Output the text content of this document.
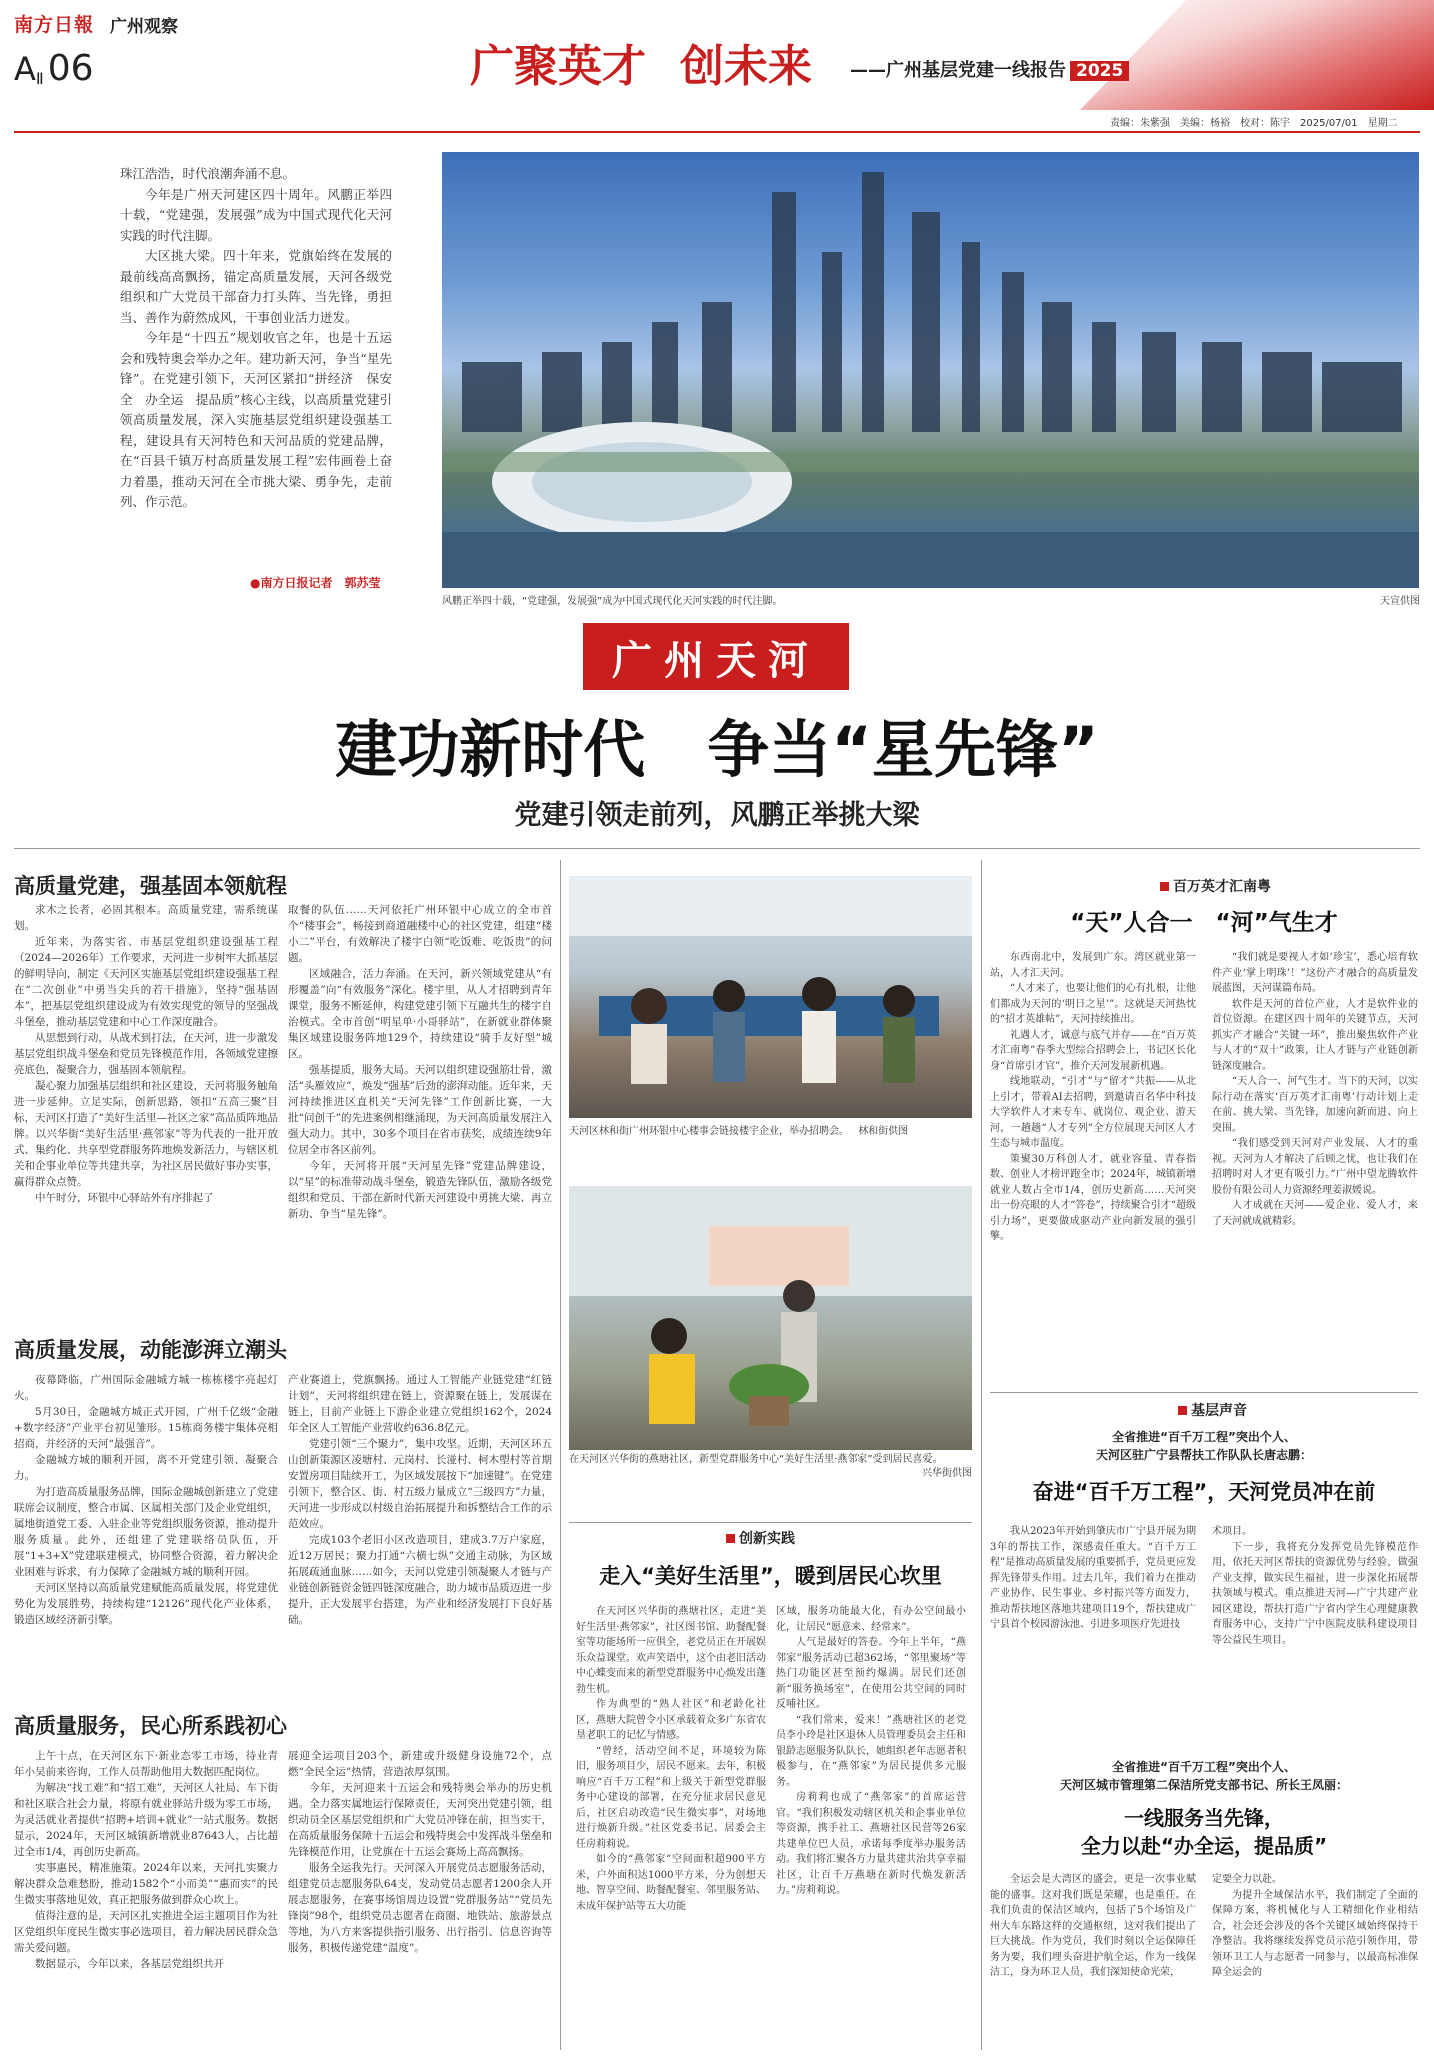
南方日報 广州观察
AⅡ 06	广聚英才 创未来 ——广州基层党建一线报告 2025
责编：朱紫强　美编：杨裕　校对：陈宇　2025/07/01　星期二

珠江浩浩，时代浪潮奔涌不息。

今年是广州天河建区四十周年。风鹏正举四十载，“党建强，发展强”成为中国式现代化天河实践的时代注脚。

大区挑大梁。四十年来，党旗始终在发展的最前线高高飘扬，锚定高质量发展，天河各级党组织和广大党员干部奋力打头阵、当先锋，勇担当、善作为蔚然成风，干事创业活力迸发。

今年是“十四五”规划收官之年，也是十五运会和残特奥会举办之年。建功新天河，争当“星先锋”。在党建引领下，天河区紧扣“拼经济　保安全　办全运　提品质”核心主线，以高质量党建引领高质量发展，深入实施基层党组织建设强基工程，建设具有天河特色和天河品质的党建品牌，在“百县千镇万村高质量发展工程”宏伟画卷上奋力着墨，推动天河在全市挑大梁、勇争先，走前列、作示范。

●南方日报记者　郭苏莹
风鹏正举四十载，“党建强，发展强”成为中国式现代化天河实践的时代注脚。	天宣供图
广州天河
建功新时代　争当“星先锋”
党建引领走前列，风鹏正举挑大梁
高质量党建，强基固本领航程

求木之长者，必固其根本。高质量党建，需系统谋划。

近年来，为落实省、市基层党组织建设强基工程（2024—2026年）工作要求，天河进一步树牢大抓基层的鲜明导向，制定《天河区实施基层党组织建设强基工程在“二次创业”中勇当尖兵的若干措施》，坚持“强基固本”，把基层党组织建设成为有效实现党的领导的坚强战斗堡垒，推动基层党建和中心工作深度融合。

从思想到行动，从战术到打法，在天河，进一步激发基层党组织战斗堡垒和党员先锋模范作用，各领域党建擦亮底色，凝聚合力，强基固本领航程。

凝心聚力加强基层组织和社区建设，天河将服务触角进一步延伸。立足实际，创新思路，领扣“五高三聚”目标，天河区打造了“美好生活里—社区之家”高品质阵地品牌。以兴华街“美好生活里·燕邻家”等为代表的一批开放式、集约化、共享型党群服务阵地焕发新活力，与辖区机关和企事业单位等共建共享，为社区居民做好事办实事，赢得群众点赞。

中午时分，环银中心驿站外有序排起了

取餐的队伍……天河依托广州环银中心成立的全市首个“楼事会”，畅接到商道融楼中心的社区党建，组建“楼小二”平台，有效解决了楼宇白领“吃饭难、吃饭贵”的问题。

区域融合，活力奔涌。在天河，新兴领域党建从“有形覆盖”向“有效服务”深化。楼宇里，从人才招聘到青年课堂，服务不断延伸，构建党建引领下互融共生的楼宇自治模式。全市首创“明星单·小哥驿站”，在新就业群体聚集区域建设服务阵地129个，持续建设“骑手友好型”城区。

强基提质，服务大局。天河以组织建设强筋壮骨，激活“头雁效应”，焕发“强基”后劲的澎湃动能。近年来，天河持续推进区直机关“天河先锋”工作创新比赛，一大批“问创千”的先进案例相继涌现，为天河高质量发展注入强大动力。其中，30多个项目在省市获奖，成绩连续9年位居全市各区前列。

今年，天河将开展“天河星先锋”党建品牌建设，以“星”的标准带动战斗堡垒，锻造先锋队伍，激励各级党组织和党员、干部在新时代新天河建设中勇挑大梁、再立新功、争当“星先锋”。

高质量发展，动能澎湃立潮头

夜幕降临，广州国际金融城方城一栋栋楼宇亮起灯火。

5月30日，金融城方城正式开园，广州千亿级“金融+数字经济”产业平台初见雏形。15栋商务楼宇集体亮相招商，并经济的天河“最强音”。

金融城方城的顺利开园，离不开党建引领、凝聚合力。

为打造高质量服务品牌，国际金融城创新建立了党建联席会议制度，整合市属、区属相关部门及企业党组织，属地街道党工委、入驻企业等党组织服务资源，推动提升服务质量。此外，还组建了党建联络员队伍，开展“1+3+X”党建联建模式，协同整合资源，着力解决企业困难与诉求，有力保障了金融城方城的顺利开园。

天河区坚持以高质量党建赋能高质量发展，将党建优势化为发展胜势，持续构建“12126”现代化产业体系，锻造区域经济新引擎。

产业赛道上，党旗飘扬。通过人工智能产业链党建“红链计划”，天河将组织建在链上，资源聚在链上，发展谋在链上，目前产业链上下游企业建立党组织162个，2024年全区人工智能产业营收约636.8亿元。

党建引领“三个聚力”，集中攻坚。近期，天河区环五山创新策源区凌塘村、元岗村、长湴村、柯木塱村等首期安置房项目陆续开工，为区域发展按下“加速键”。在党建引领下，整合区、街、村五级力量成立“三级四方”力量，天河进一步形成以村级自治拓展提升和拆整结合工作的示范效应。

完成103个老旧小区改造项目，建成3.7万户家庭，近12万居民；聚力打通“六横七纵”交通主动脉，为区域拓展疏通血脉……如今，天河以党建引领凝聚人才链与产业链创新链资金链四链深度融合，助力城市品质迈进一步提升，正大发展平台搭建，为产业和经济发展打下良好基础。

高质量服务，民心所系践初心

上午十点，在天河区东下·新业态零工市场，待业青年小吴前来咨询，工作人员帮助他用大数据匹配岗位。

为解决“找工难”和“招工难”，天河区人社局、车下街和社区联合社会力量，将原有就业驿站升级为零工市场，为灵活就业者提供“招聘+培训+就业”一站式服务。数据显示，2024年，天河区城镇新增就业87643人，占比超过全市1/4，再创历史新高。

实事惠民，精准施策。2024年以来，天河扎实聚力解决群众急难愁盼，推动1582个“小而美”“惠而实”的民生微实事落地见效，真正把服务做到群众心坎上。

值得注意的是，天河区扎实推进全运主题项目作为社区党组织年度民生微实事必选项目，着力解决居民群众急需关爱问题。

数据显示，今年以来，各基层党组织共开

展迎全运项目203个，新建或升级健身设施72个，点燃“全民全运”热情，营造浓厚氛围。

今年，天河迎来十五运会和残特奥会举办的历史机遇。全力落实属地运行保障责任，天河突出党建引领，组织动员全区基层党组织和广大党员冲锋在前，担当实干，在高质量服务保障十五运会和残特奥会中发挥战斗堡垒和先锋模范作用，让党旗在十五运会赛场上高高飘扬。

服务全运我先行。天河深入开展党员志愿服务活动，组建党员志愿服务队64支，发动党员志愿者1200余人开展志愿服务，在赛事场馆周边设置“党群服务站”“党员先锋岗”98个，组织党员志愿者在商圈、地铁站、旅游景点等地，为八方来客提供指引服务、出行指引、信息咨询等服务，积极传递党建“温度”。

天河区林和街广州环银中心楼事会链接楼宇企业，举办招聘会。 林和街供图
在天河区兴华街的燕塘社区，新型党群服务中心“美好生活里·燕邻家”受到居民喜爱。
兴华街供图
创新实践
走入“美好生活里”，暖到居民心坎里

在天河区兴华街的燕塘社区，走进“美好生活里·燕邻家”，社区图书馆、助餐配餐室等功能场所一应俱全，老党员正在开展娱乐众益课堂。欢声笑语中，这个由老旧活动中心蝶变而来的新型党群服务中心焕发出蓬勃生机。

作为典型的“熟人社区”和老龄化社区，燕塘大院曾令小区承载着众多广东省农垦老职工的记忆与情感。

“曾经，活动空间不足，环境较为陈旧，服务项目少，居民不愿来。去年，积极响应“百千万工程”和上级关于新型党群服务中心建设的部署，在充分征求居民意见后，社区启动改造“民生微实事”，对场地进行焕新升级。”社区党委书记、居委会主任房莉莉说。

如今的“燕邻家”空间面积超900平方米，户外面积达1000平方米，分为创想天地、智享空间、助餐配餐室、邻里服务站、未成年保护站等五大功能

区域，服务功能最大化，有办公空间最小化，让居民“愿意来、经常来”。

人气是最好的答卷。今年上半年，“燕邻家”服务活动已超362场，“邻里聚场”等热门功能区甚至预约爆满。居民们还创新“服务换场室”，在使用公共空间的同时反哺社区。

“我们常来，爱来！”燕塘社区的老党员李小玲是社区退休人员管理委员会主任和银龄志愿服务队队长，她组织老年志愿者积极参与，在“燕邻家”为居民提供多元服务。

房莉莉也成了“燕邻家”的首席运营官。“我们积极发动辖区机关和企事业单位等资源，携手社工、燕塘社区民营等26家共建单位巴人员，承诺每季度举办服务活动。我们将汇聚各方力量共建共治共享幸福社区，让百千万燕塘在新时代焕发新活力。”房莉莉说。

百万英才汇南粤
“天”人合一　“河”气生才

东西南北中，发展到广东。湾区就业第一站，人才汇天河。

“人才来了，也要让他们的心有扎根，让他们都成为天河的‘明日之星’”。这就是天河热忱的“招才英雄帖”，天河持续推出。

礼遇人才，诚意与底气并存——在“百万英才汇南粤”春季大型综合招聘会上，书记区长化身“首席引才官”，推介天河发展新机遇。

线地联动，“引才”与“留才”共振——从北上引才，带着AI去招聘，到邀请百名华中科技大学软件人才来专车、就岗位、观企业、游天河，一趟趟“人才专列”全方位展现天河区人才生态与城市温度。

策聚30万科创人才，就业容量、青春指数、创业人才榜评跑全市；2024年，城镇新增就业人数占全市1/4，创历史新高……天河突出一份亮眼的人才“答卷”，持续聚合引才“超级引力场”，更要做成驱动产业向新发展的强引擎。

“我们就是要视人才如‘珍宝’，悉心培育软件产业‘掌上明珠’！”这份产才融合的高质量发展蓝图，天河谋篇布局。

软件是天河的首位产业，人才是软件业的首位资源。在建区四十周年的关键节点，天河抓实产才融合“关键一环”，推出聚焦软件产业与人才的“双十”政策，让人才链与产业链创新链深度融合。

“天人合一、河气生才。当下的天河，以实际行动在落实‘百万英才汇南粤’行动计划上走在前、挑大梁、当先锋，加速向新而进、向上突围。

“我们感受到天河对产业发展、人才的重视。天河为人才解决了后顾之忧，也让我们在招聘时对人才更有吸引力。”广州中望龙腾软件股份有限公司人力资源经理姜淑媛说。

人才成就在天河——爱企业、爱人才，来了天河就成就精彩。

基层声音
全省推进“百千万工程”突出个人、
天河区驻广宁县帮扶工作队队长唐志鹏：
奋进“百千万工程”，天河党员冲在前

我从2023年开始到肇庆市广宁县开展为期3年的帮扶工作，深感责任重大。“百千万工程”是推动高质量发展的重要抓手，党员更应发挥先锋带头作用。过去几年，我们着力在推动产业协作、民生事业、乡村振兴等方面发力，推动帮扶地区落地共建项目19个，帮扶建成广宁县首个校园游泳池、引进多项医疗先进技

术项目。

下一步，我将充分发挥党员先锋模范作用，依托天河区帮扶的资源优势与经验，做强产业支撑，做实民生福祉，进一步深化拓展帮扶领域与模式。重点推进天河—广宁共建产业园区建设，帮扶打造广宁省内学生心理健康教育服务中心，支持广宁中医院皮肤科建设项目等公益民生项目。

全省推进“百千万工程”突出个人、
天河区城市管理第二保洁所党支部书记、所长王凤丽：
一线服务当先锋，
全力以赴“办全运，提品质”

全运会是大湾区的盛会，更是一次事业赋能的盛事。这对我们既是荣耀，也是重任。在我们负责的保洁区域内，包括了5个场馆及广州大车东路这样的交通枢纽，这对我们提出了巨大挑战。作为党员，我们时刻以全运保障任务为要，我们埋头奋进护航全运，作为一线保洁工，身为环卫人员，我们深知使命光荣，

定要全力以赴。

为提升全域保洁水平，我们制定了全面的保障方案，将机械化与人工精细化作业相结合，社会还会涉及的各个关键区域始终保持干净整洁。我将继续发挥党员示范引领作用，带领环卫工人与志愿者一同参与，以最高标准保障全运会的
